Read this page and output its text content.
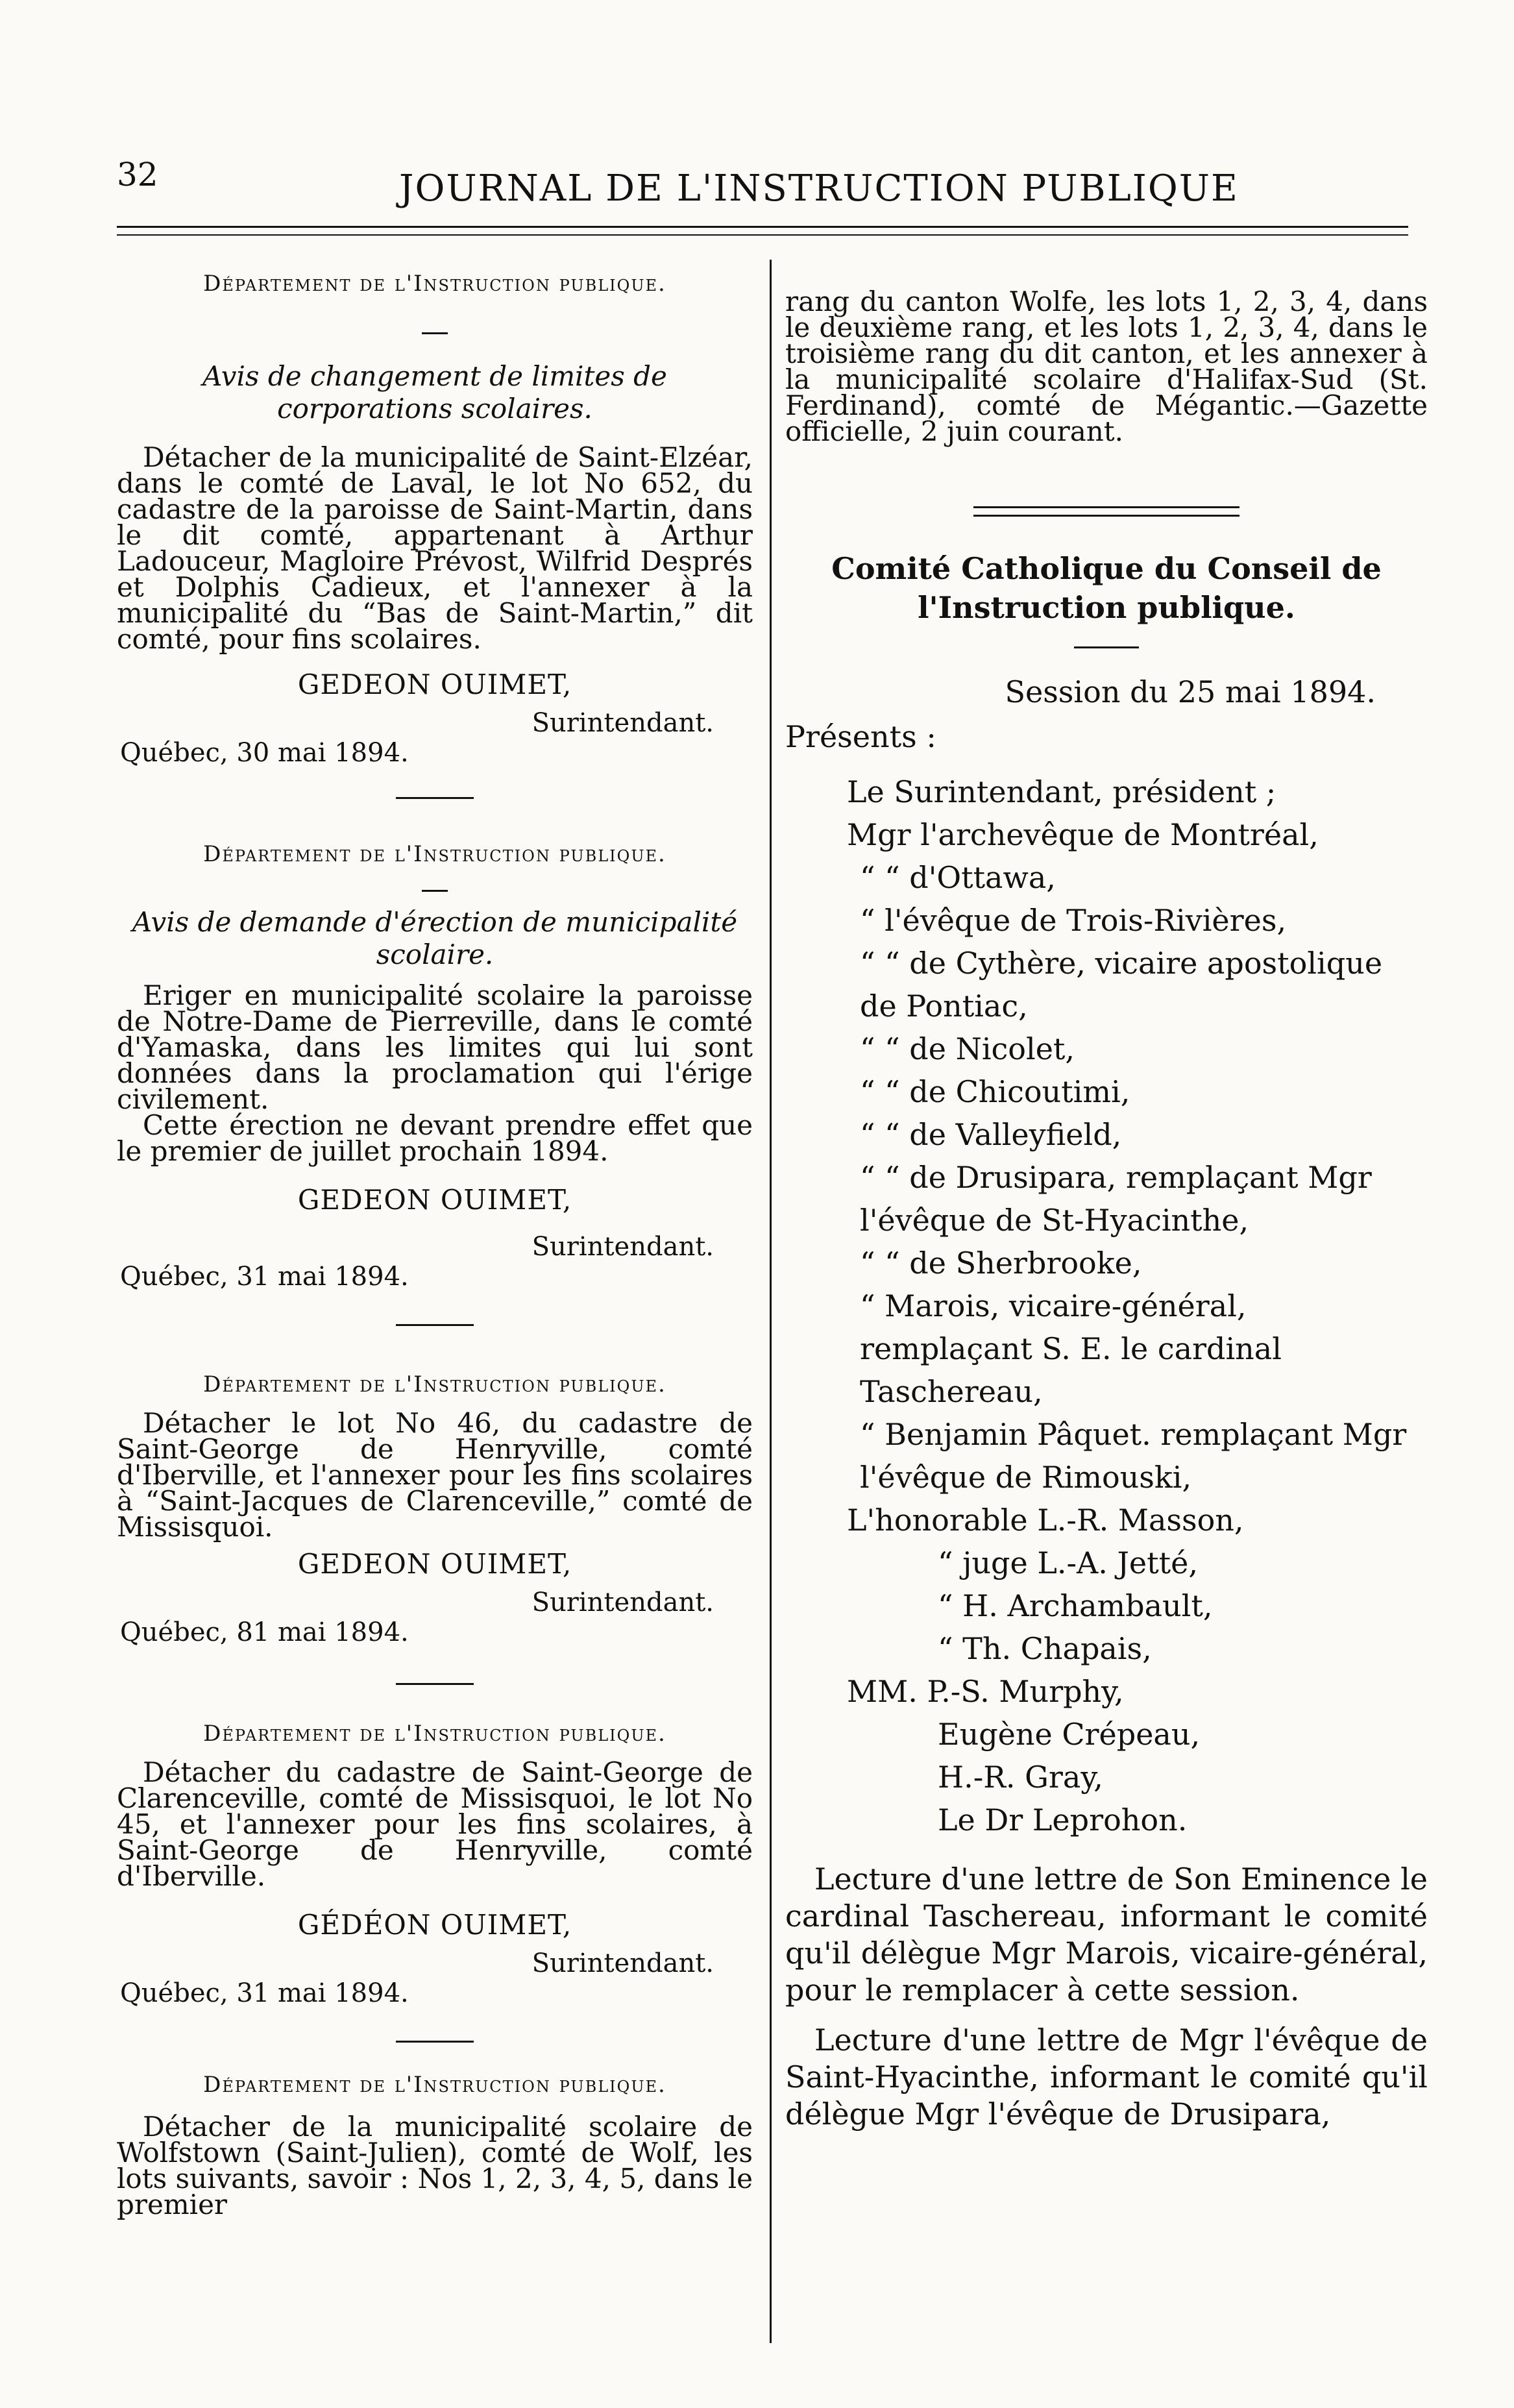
32	JOURNAL DE L'INSTRUCTION PUBLIQUE

Département de l'Instruction publique.

Avis de changement de limites de corporations scolaires.

Détacher de la municipalité de Saint-Elzéar, dans le comté de Laval, le lot No 652, du cadastre de la paroisse de Saint-Martin, dans le dit comté, appartenant à Arthur Ladouceur, Magloire Prévost, Wilfrid Després et Dolphis Cadieux, et l'annexer à la municipalité du “Bas de Saint-Martin,” dit comté, pour fins scolaires.

GEDEON OUIMET,

Surintendant.

Québec, 30 mai 1894.

Département de l'Instruction publique.

Avis de demande d'érection de municipalité scolaire.

Eriger en municipalité scolaire la paroisse de Notre-Dame de Pierreville, dans le comté d'Yamaska, dans les limites qui lui sont données dans la proclamation qui l'érige civilement.

Cette érection ne devant prendre effet que le premier de juillet prochain 1894.

GEDEON OUIMET,

Surintendant.

Québec, 31 mai 1894.

Département de l'Instruction publique.

Détacher le lot No 46, du cadastre de Saint-George de Henryville, comté d'Iberville, et l'annexer pour les fins scolaires à “Saint-Jacques de Clarenceville,” comté de Missisquoi.

GEDEON OUIMET,

Surintendant.

Québec, 81 mai 1894.

Département de l'Instruction publique.

Détacher du cadastre de Saint-George de Clarenceville, comté de Missisquoi, le lot No 45, et l'annexer pour les fins scolaires, à Saint-George de Henryville, comté d'Iberville.

GÉDÉON OUIMET,

Surintendant.

Québec, 31 mai 1894.

Département de l'Instruction publique.

Détacher de la municipalité scolaire de Wolfstown (Saint-Julien), comté de Wolf, les lots suivants, savoir : Nos 1, 2, 3, 4, 5, dans le premier

rang du canton Wolfe, les lots 1, 2, 3, 4, dans le deuxième rang, et les lots 1, 2, 3, 4, dans le troisième rang du dit canton, et les annexer à la municipalité scolaire d'Halifax-Sud (St. Ferdinand), comté de Mégantic.—Gazette officielle, 2 juin courant.

Comité Catholique du Conseil de

l'Instruction publique.

Session du 25 mai 1894.

Présents :

Le Surintendant, président ;
Mgr l'archevêque de Montréal,
“ “ d'Ottawa,
“ l'évêque de Trois-Rivières,
“ “ de Cythère, vicaire apostolique de Pontiac,
“ “ de Nicolet,
“ “ de Chicoutimi,
“ “ de Valleyfield,
“ “ de Drusipara, remplaçant Mgr l'évêque de St-Hyacinthe,
“ “ de Sherbrooke,
“ Marois, vicaire-général, remplaçant S. E. le cardinal Taschereau,
“ Benjamin Pâquet. remplaçant Mgr l'évêque de Rimouski,
L'honorable L.-R. Masson,
“ juge L.-A. Jetté,
“ H. Archambault,
“ Th. Chapais,
MM. P.-S. Murphy,
Eugène Crépeau,
H.-R. Gray,
Le Dr Leprohon.

Lecture d'une lettre de Son Eminence le cardinal Taschereau, informant le comité qu'il délègue Mgr Marois, vicaire-général, pour le remplacer à cette session.

Lecture d'une lettre de Mgr l'évêque de Saint-Hyacinthe, informant le comité qu'il délègue Mgr l'évêque de Drusipara,
